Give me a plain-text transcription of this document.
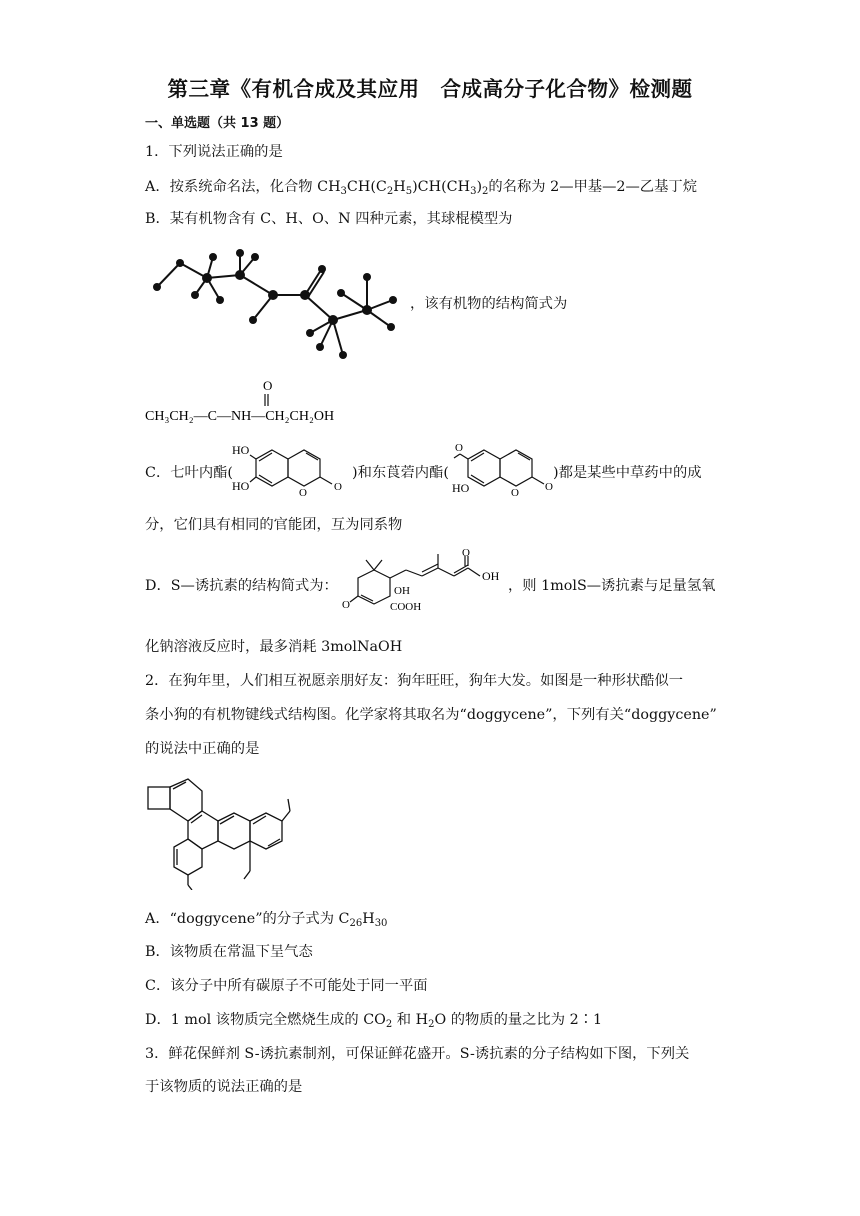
第三章《有机合成及其应用　合成高分子化合物》检测题
一、单选题（共 13 题）
1．下列说法正确的是
A．按系统命名法，化合物 $CH_3CH(C_2H_5)CH(CH_3)_2$的名称为 2—甲基—2—乙基丁烷
B．某有机物含有 C、H、O、N 四种元素，其球棍模型为
，该有机物的结构简式为
O
CH₃CH₂—C—NH—CH₂CH₂OH
C．七叶内酯(
HO
HO	O O
)和东莨菪内酯(
O
HO	O O
)都是某些中草药中的成
分，它们具有相同的官能团，互为同系物
D．S—诱抗素的结构简式为：
O
OH
OH
COOH
O
，则 1molS—诱抗素与足量氢氧
化钠溶液反应时，最多消耗 3molNaOH
2．在狗年里，人们相互祝愿亲朋好友：狗年旺旺，狗年大发。如图是一种形状酷似一
条小狗的有机物键线式结构图。化学家将其取名为“doggycene”，下列有关“doggycene”
的说法中正确的是
A．“doggycene”的分子式为 $C_{26}H_{30}$
B．该物质在常温下呈气态
C．该分子中所有碳原子不可能处于同一平面
D．1 mol 该物质完全燃烧生成的 $CO_2$ 和 $H_2O$ 的物质的量之比为 2∶1
3．鲜花保鲜剂 S-诱抗素制剂，可保证鲜花盛开。S-诱抗素的分子结构如下图，下列关
于该物质的说法正确的是
